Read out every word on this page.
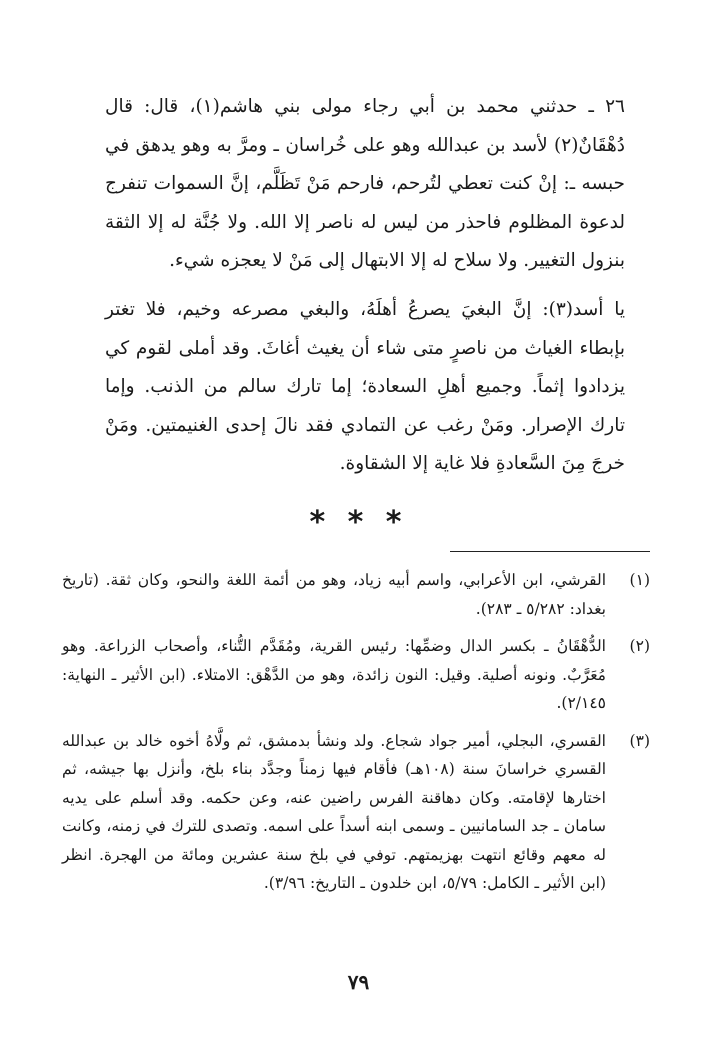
٢٦ ـ حدثني محمد بن أبي رجاء مولى بني هاشم(١)، قال: قال دُهْقَانٌ(٢) لأسد بن عبدالله وهو على خُراسان ـ ومرَّ به وهو يدهق في حبسه ـ: إنْ كنت تعطي لتُرحم، فارحم مَنْ تَظَلَّم، إنَّ السموات تنفرج لدعوة المظلوم فاحذر من ليس له ناصر إلا الله. ولا جُنَّة له إلا الثقة بنزول التغيير. ولا سلاح له إلا الابتهال إلى مَنْ لا يعجزه شيء.

يا أسد(٣): إنَّ البغيَ يصرعُ أهلَهُ، والبغي مصرعه وخيم، فلا تغتر بإبطاء الغياث من ناصرٍ متى شاء أن يغيث أغاثَ. وقد أملى لقوم كي يزدادوا إثماً. وجميع أهلِ السعادة؛ إما تارك سالم من الذنب. وإما تارك الإصرار. ومَنْ رغب عن التمادي فقد نالَ إحدى الغنيمتين. ومَنْ خرجَ مِنَ السَّعادةِ فلا غاية إلا الشقاوة.

* * *
(١)
القرشي، ابن الأعرابي، واسم أبيه زياد، وهو من أئمة اللغة والنحو، وكان ثقة. (تاريخ بغداد: ٥/٢٨٢ ـ ٢٨٣).
(٢)
الدُّهْقَانُ ـ بكسر الدال وضمِّها: رئيس القرية، ومُقَدَّم التُّناء، وأصحاب الزراعة. وهو مُعَرَّبٌ. ونونه أصلية. وقيل: النون زائدة، وهو من الدَّهْق: الامتلاء. (ابن الأثير ـ النهاية: ٢/١٤٥).
(٣)
القسري، البجلي، أمير جواد شجاع. ولد ونشأ بدمشق، ثم ولَّاهُ أخوه خالد بن عبدالله القسري خراسانَ سنة (١٠٨هـ) فأقام فيها زمناً وجدَّد بناء بلخ، وأنزل بها جيشه، ثم اختارها لإقامته. وكان دهاقنة الفرس راضين عنه، وعن حكمه. وقد أسلم على يديه سامان ـ جد السامانيين ـ وسمى ابنه أسداً على اسمه. وتصدى للترك في زمنه، وكانت له معهم وقائع انتهت بهزيمتهم. توفي في بلخ سنة عشرين ومائة من الهجرة. انظر (ابن الأثير ـ الكامل: ٥/٧٩، ابن خلدون ـ التاريخ: ٣/٩٦).
٧٩
